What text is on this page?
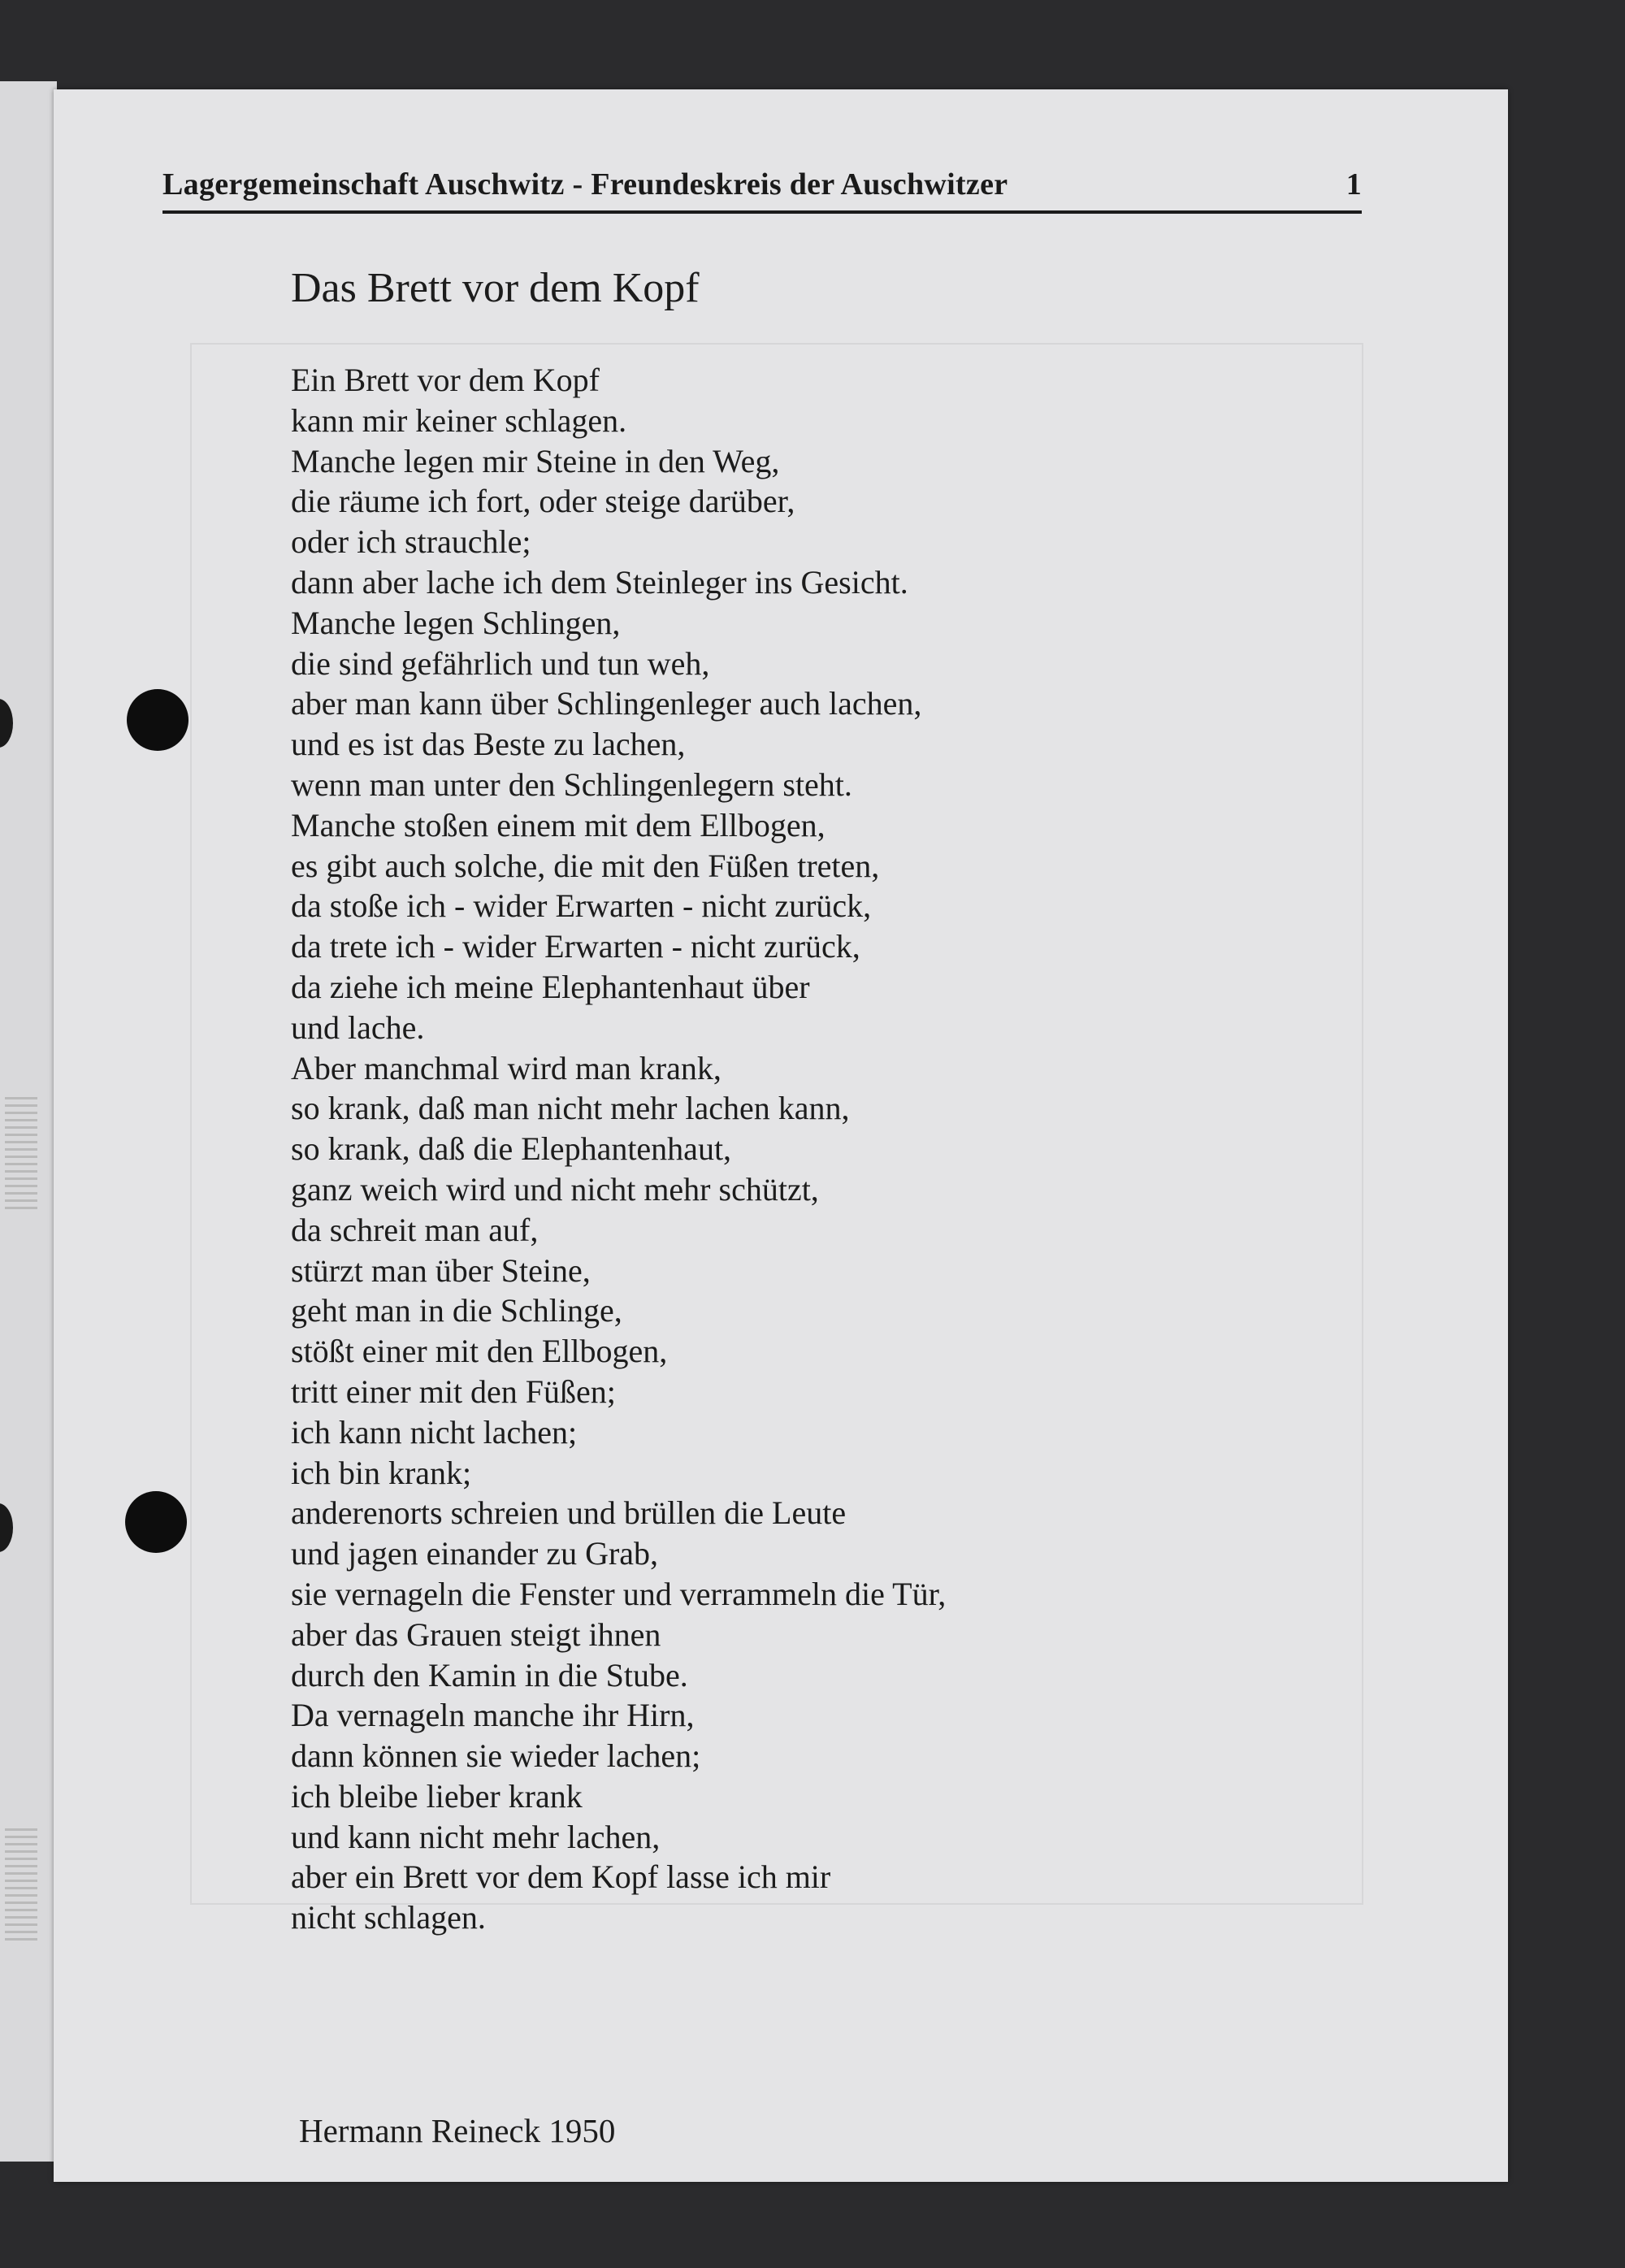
Lagergemeinschaft Auschwitz - Freundeskreis der Auschwitzer	1
Das Brett vor dem Kopf
Ein Brett vor dem Kopf
kann mir keiner schlagen.
Manche legen mir Steine in den Weg,
die räume ich fort, oder steige darüber,
oder ich strauchle;
dann aber lache ich dem Steinleger ins Gesicht.
Manche legen Schlingen,
die sind gefährlich und tun weh,
aber man kann über Schlingenleger auch lachen,
und es ist das Beste zu lachen,
wenn man unter den Schlingenlegern steht.
Manche stoßen einem mit dem Ellbogen,
es gibt auch solche, die mit den Füßen treten,
da stoße ich - wider Erwarten - nicht zurück,
da trete ich - wider Erwarten - nicht zurück,
da ziehe ich meine Elephantenhaut über
und lache.
Aber manchmal wird man krank,
so krank, daß man nicht mehr lachen kann,
so krank, daß die Elephantenhaut,
ganz weich wird und nicht mehr schützt,
da schreit man auf,
stürzt man über Steine,
geht man in die Schlinge,
stößt einer mit den Ellbogen,
tritt einer mit den Füßen;
ich kann nicht lachen;
ich bin krank;
anderenorts schreien und brüllen die Leute
und jagen einander zu Grab,
sie vernageln die Fenster und verrammeln die Tür,
aber das Grauen steigt ihnen
durch den Kamin in die Stube.
Da vernageln manche ihr Hirn,
dann können sie wieder lachen;
ich bleibe lieber krank
und kann nicht mehr lachen,
aber ein Brett vor dem Kopf lasse ich mir
nicht schlagen.
Hermann Reineck 1950
